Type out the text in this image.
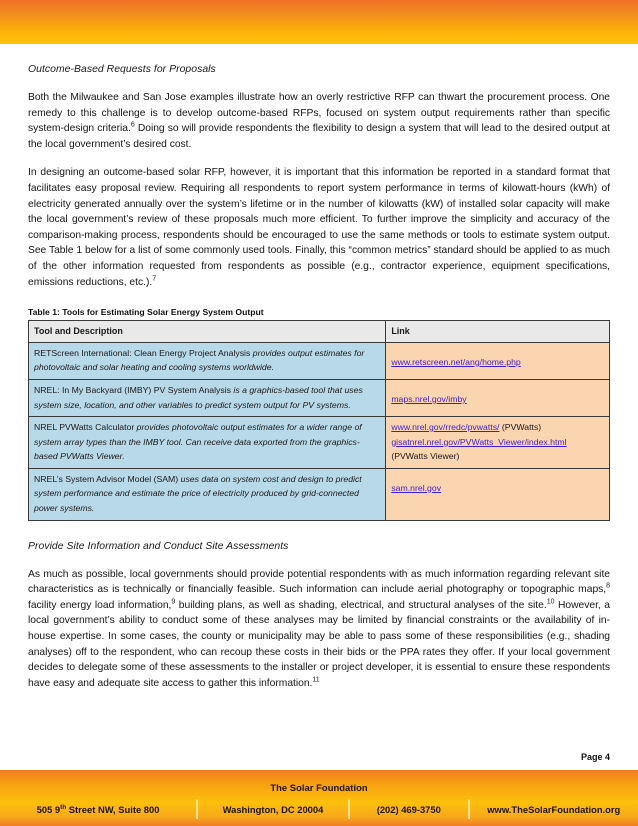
Outcome-Based Requests for Proposals

Both the Milwaukee and San Jose examples illustrate how an overly restrictive RFP can thwart the procurement process. One remedy to this challenge is to develop outcome-based RFPs, focused on system output requirements rather than specific system-design criteria.$^6$ Doing so will provide respondents the flexibility to design a system that will lead to the desired output at the local government’s desired cost.

In designing an outcome-based solar RFP, however, it is important that this information be reported in a standard format that facilitates easy proposal review. Requiring all respondents to report system performance in terms of kilowatt-hours (kWh) of electricity generated annually over the system’s lifetime or in the number of kilowatts (kW) of installed solar capacity will make the local government’s review of these proposals much more efficient. To further improve the simplicity and accuracy of the comparison-making process, respondents should be encouraged to use the same methods or tools to estimate system output. See Table 1 below for a list of some commonly used tools. Finally, this “common metrics” standard should be applied to as much of the other information requested from respondents as possible (e.g., contractor experience, equipment specifications, emissions reductions, etc.).$^7$

Table 1: Tools for Estimating Solar Energy System Output
Tool and Description	Link
RETScreen International: Clean Energy Project Analysis provides output estimates for photovoltaic and solar heating and cooling systems worldwide.	www.retscreen.net/ang/home.php
NREL: In My Backyard (IMBY) PV System Analysis is a graphics-based tool that uses system size, location, and other variables to predict system output for PV systems.	maps.nrel.gov/imby
NREL PVWatts Calculator provides photovoltaic output estimates for a wider range of system array types than the IMBY tool. Can receive data exported from the graphics-based PVWatts Viewer.	www.nrel.gov/rredc/pvwatts/ (PVWatts)
gisatnrel.nrel.gov/PVWatts_Viewer/index.html
(PVWatts Viewer)

NREL’s System Advisor Model (SAM) uses data on system cost and design to predict system performance and estimate the price of electricity produced by grid-connected power systems.	sam.nrel.gov
Provide Site Information and Conduct Site Assessments

As much as possible, local governments should provide potential respondents with as much information regarding relevant site characteristics as is technically or financially feasible. Such information can include aerial photography or topographic maps,$^8$ facility energy load information,$^9$ building plans, as well as shading, electrical, and structural analyses of the site.$^{10}$ However, a local government’s ability to conduct some of these analyses may be limited by financial constraints or the availability of in-house expertise. In some cases, the county or municipality may be able to pass some of these responsibilities (e.g., shading analyses) off to the respondent, who can recoup these costs in their bids or the PPA rates they offer. If your local government decides to delegate some of these assessments to the installer or project developer, it is essential to ensure these respondents have easy and adequate site access to gather this information.$^{11}$

Page 4
The Solar Foundation
505 9th Street NW, Suite 800	Washington, DC 20004	(202) 469-3750	www.TheSolarFoundation.org
